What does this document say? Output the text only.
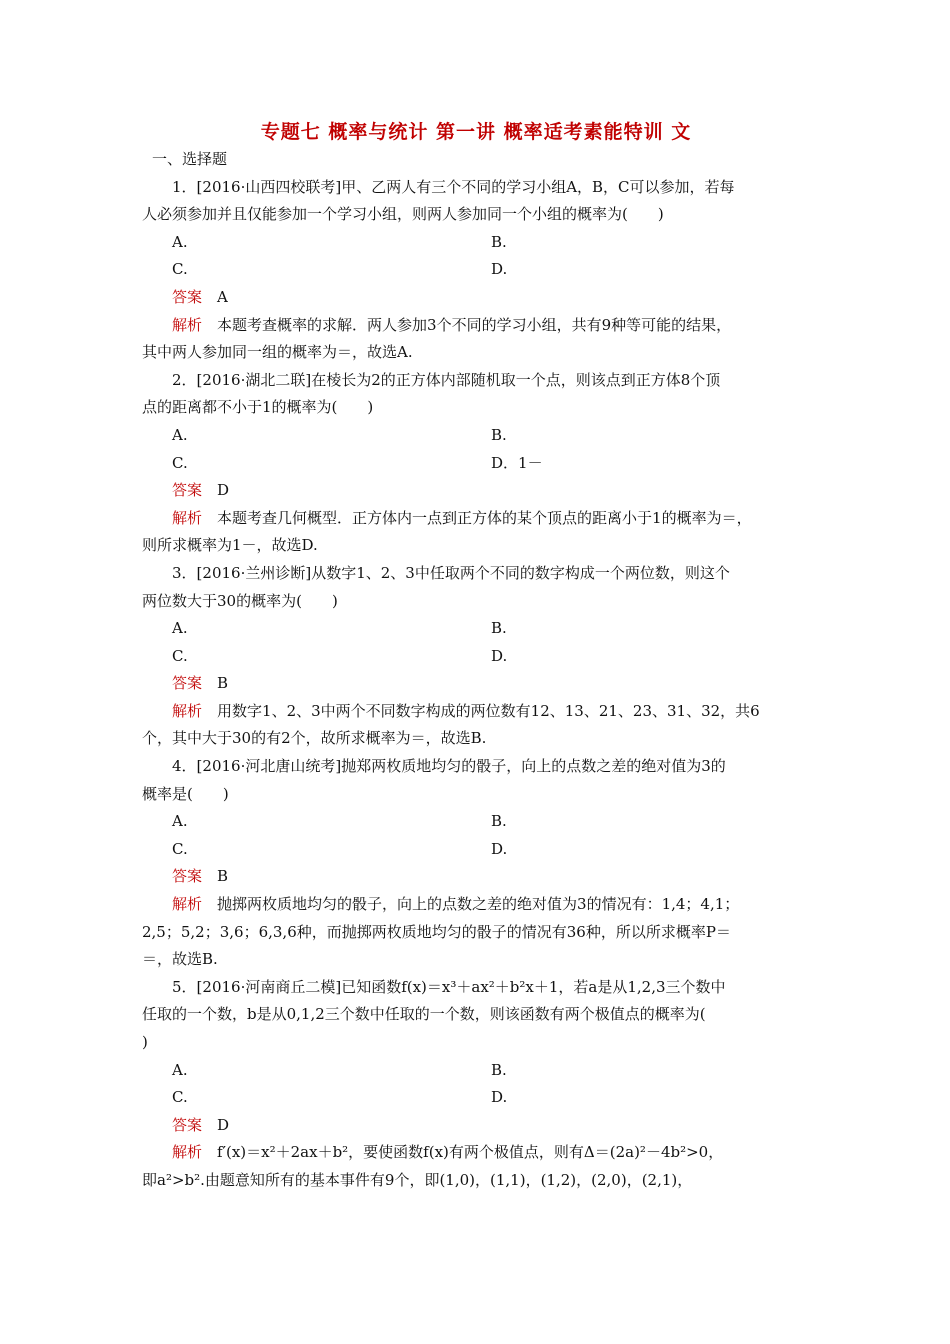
专题七 概率与统计 第一讲 概率适考素能特训 文

一、选择题

1．[2016·山西四校联考]甲、乙两人有三个不同的学习小组A，B，C可以参加，若每

人必须参加并且仅能参加一个学习小组，则两人参加同一个小组的概率为(　　)

A.	B.
C.	D.

答案　 A

解析　 本题考查概率的求解．两人参加3个不同的学习小组，共有9种等可能的结果，

其中两人参加同一组的概率为＝，故选A.

2．[2016·湖北二联]在棱长为2的正方体内部随机取一个点，则该点到正方体8个顶

点的距离都不小于1的概率为(　　)

A.	B.
C.	D．1－

答案　 D

解析　 本题考查几何概型．正方体内一点到正方体的某个顶点的距离小于1的概率为＝，

则所求概率为1－，故选D.

3．[2016·兰州诊断]从数字1、2、3中任取两个不同的数字构成一个两位数，则这个

两位数大于30的概率为(　　)

A.	B.
C.	D.

答案　 B

解析　 用数字1、2、3中两个不同数字构成的两位数有12、13、21、23、31、32，共6

个，其中大于30的有2个，故所求概率为＝，故选B.

4．[2016·河北唐山统考]抛郑两枚质地均匀的骰子，向上的点数之差的绝对值为3的

概率是(　　)

A.	B.
C.	D.

答案　 B

解析　 抛掷两枚质地均匀的骰子，向上的点数之差的绝对值为3的情况有：1,4；4,1；

2,5；5,2；3,6；6,3,6种，而抛掷两枚质地均匀的骰子的情况有36种，所以所求概率P＝

＝，故选B.

5．[2016·河南商丘二模]已知函数f(x)＝x³＋ax²＋b²x＋1，若a是从1,2,3三个数中

任取的一个数，b是从0,1,2三个数中任取的一个数，则该函数有两个极值点的概率为(

)

A.	B.
C.	D.

答案　 D

解析　 f′(x)＝x²＋2ax＋b²，要使函数f(x)有两个极值点，则有Δ＝(2a)²－4b²>0，

即a²>b².由题意知所有的基本事件有9个，即(1,0)，(1,1)，(1,2)，(2,0)，(2,1)，
